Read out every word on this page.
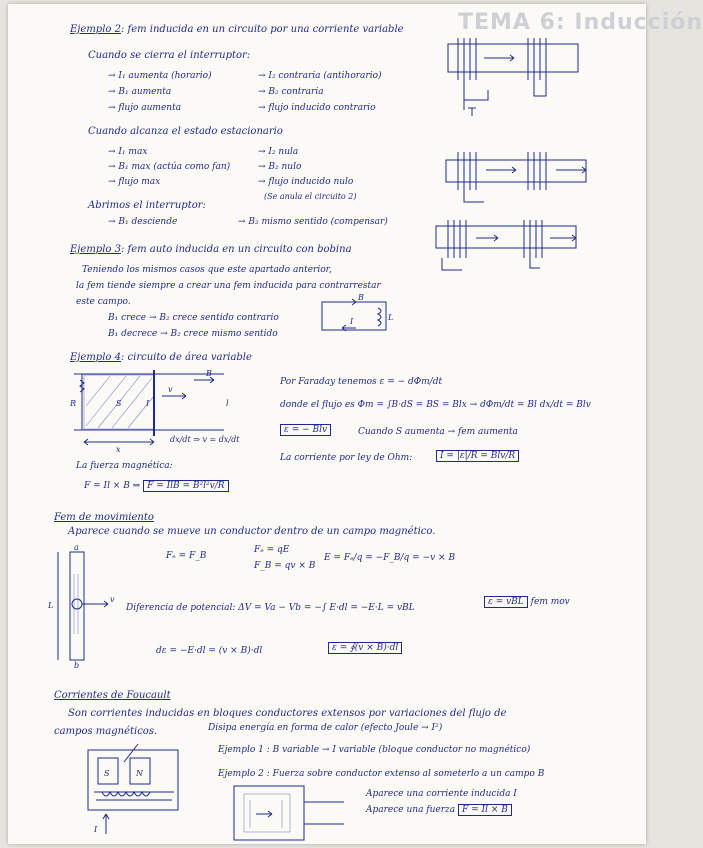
TEMA 6: Inducción
Ejemplo 2: fem inducida en un circuito por una corriente variable
Cuando se cierra el interruptor:
→ I₁ aumenta (horario)	→ I₂ contraria (antihorario)
→ B₁ aumenta	→ B₂ contraria
→ flujo aumenta	→ flujo inducido contrario
Cuando alcanza el estado estacionario
→ I₁ max	→ I₂ nula
→ B₁ max (actúa como fan)	→ B₂ nulo
→ flujo max	→ flujo inducido nulo
(Se anula el circuito 2)
Abrimos el interruptor:
→ B₁ desciende	→ B₂ mismo sentido (compensar)
Ejemplo 3: fem auto inducida en un circuito con bobina
Teniendo los mismos casos que este apartado anterior,
la fem tiende siempre a crear una fem inducida para contrarrestar
este campo.
B₁ crece → B₂ crece sentido contrario
B₁ decrece → B₂ crece mismo sentido
B
I	L
Ejemplo 4: circuito de área variable
R	S	I
v
B
x
l
dx/dt ⇒ v = dx/dt
Por Faraday tenemos ε = − dΦm/dt
donde el flujo es Φm = ∫B·dS = BS = Blx → dΦm/dt = Bl dx/dt = Blv
ε = − Blv	Cuando S aumenta → fem aumenta
La corriente por ley de Ohm:	I = |ε|/R = Blv/R
La fuerza magnética:
F = Il × B ⇒ F = IlB = B²l²v/R
Fem de movimiento
Aparece cuando se mueve un conductor dentro de un campo magnético.
a
b
L
v
Fₑ = F_B
Fₑ = qE
F_B = qv × B
E = Fₑ/q = −F_B/q = −v × B
Diferencia de potencial: ΔV = Va − Vb = −∫ E·dl = −E·L = vBL
ε = vBL fem mov
dε = −E·dl = (v × B)·dl	ε = ∮(v × B)·dl
Corrientes de Foucault
Son corrientes inducidas en bloques conductores extensos por variaciones del flujo de
campos magnéticos.	Disipa energía en forma de calor (efecto Joule → I²)
Ejemplo 1 : B variable → I variable (bloque conductor no magnético)
Ejemplo 2 : Fuerza sobre conductor extenso al someterlo a un campo B
Aparece una corriente inducida I
Aparece una fuerza F = Il × B
S	N
I
